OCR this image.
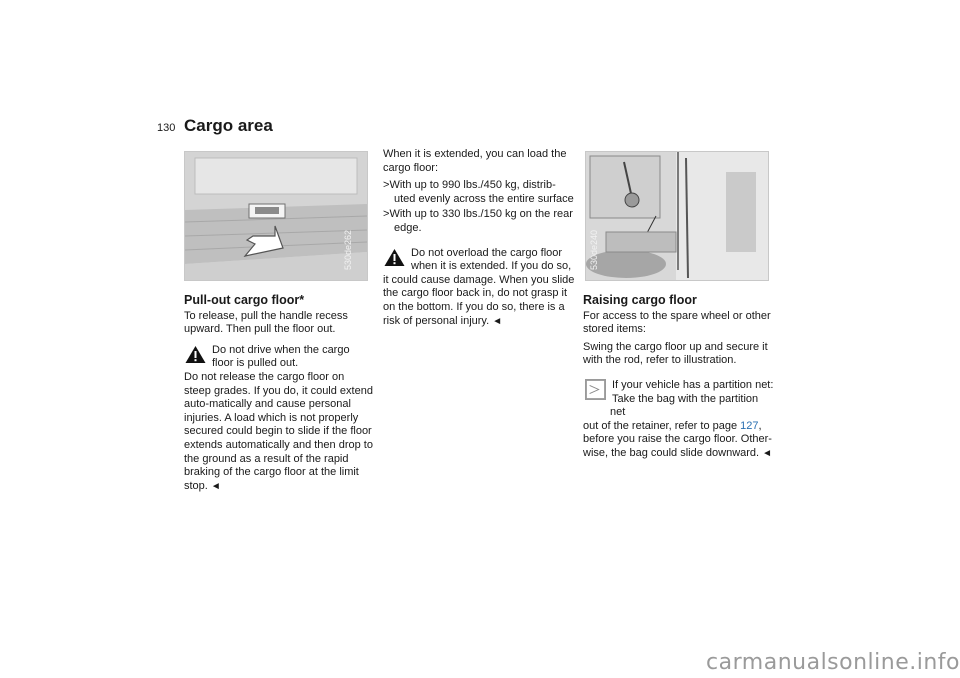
130 Cargo area
530de262	530de240
Pull-out cargo floor*

To release, pull the handle recess upward. Then pull the floor out.

Do not drive when the cargo floor is pulled out.
Do not release the cargo floor on steep grades. If you do, it could extend auto-matically and cause personal injuries. A load which is not properly secured could begin to slide if the floor extends automatically and then drop to the ground as a result of the rapid braking of the cargo floor at the limit stop. ◄

When it is extended, you can load the cargo floor:

>With up to 990 lbs./450 kg, distrib-uted evenly across the entire surface
>With up to 330 lbs./150 kg on the rear edge.
Do not overload the cargo floor when it is extended. If you do so,
it could cause damage. When you slide the cargo floor back in, do not grasp it on the bottom. If you do so, there is a risk of personal injury. ◄
Raising cargo floor

For access to the spare wheel or other stored items:

Swing the cargo floor up and secure it with the rod, refer to illustration.

If your vehicle has a partition net: Take the bag with the partition net
out of the retainer, refer to page 127, before you raise the cargo floor. Other-wise, the bag could slide downward. ◄
carmanualsonline.info
